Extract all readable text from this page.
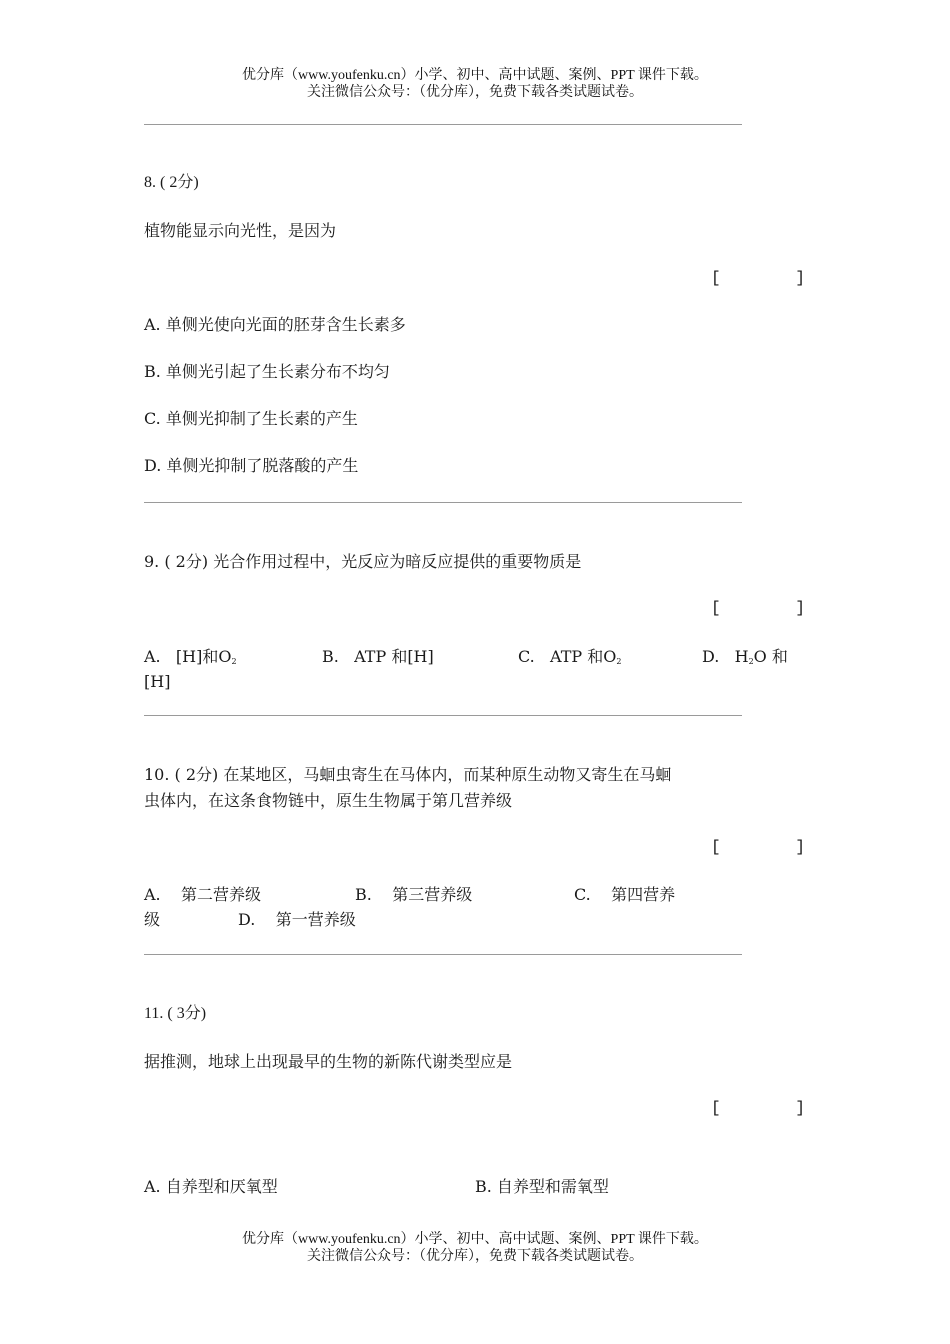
优分库（www.youfenku.cn）小学、初中、高中试题、案例、PPT 课件下载。
关注微信公众号：（优分库），免费下载各类试题试卷。
8. ( 2分)
植物能显示向光性，是因为
[	]
A. 单侧光使向光面的胚芽含生长素多
B. 单侧光引起了生长素分布不均匀
C. 单侧光抑制了生长素的产生
D. 单侧光抑制了脱落酸的产生
9. ( 2分) 光合作用过程中，光反应为暗反应提供的重要物质是
[	]
A. [H]和$O_2$	B. ATP 和[H]	C. ATP 和$O_2$	D. $H_2O$ 和
[H]
10. ( 2分) 在某地区，马蛔虫寄生在马体内，而某种原生动物又寄生在马蛔
虫体内，在这条食物链中，原生生物属于第几营养级
[	]
A. 第二营养级	B. 第三营养级	C. 第四营养
级	D. 第一营养级
11. ( 3分)
据推测，地球上出现最早的生物的新陈代谢类型应是
[	]
A. 自养型和厌氧型	B. 自养型和需氧型
优分库（www.youfenku.cn）小学、初中、高中试题、案例、PPT 课件下载。
关注微信公众号：（优分库），免费下载各类试题试卷。
